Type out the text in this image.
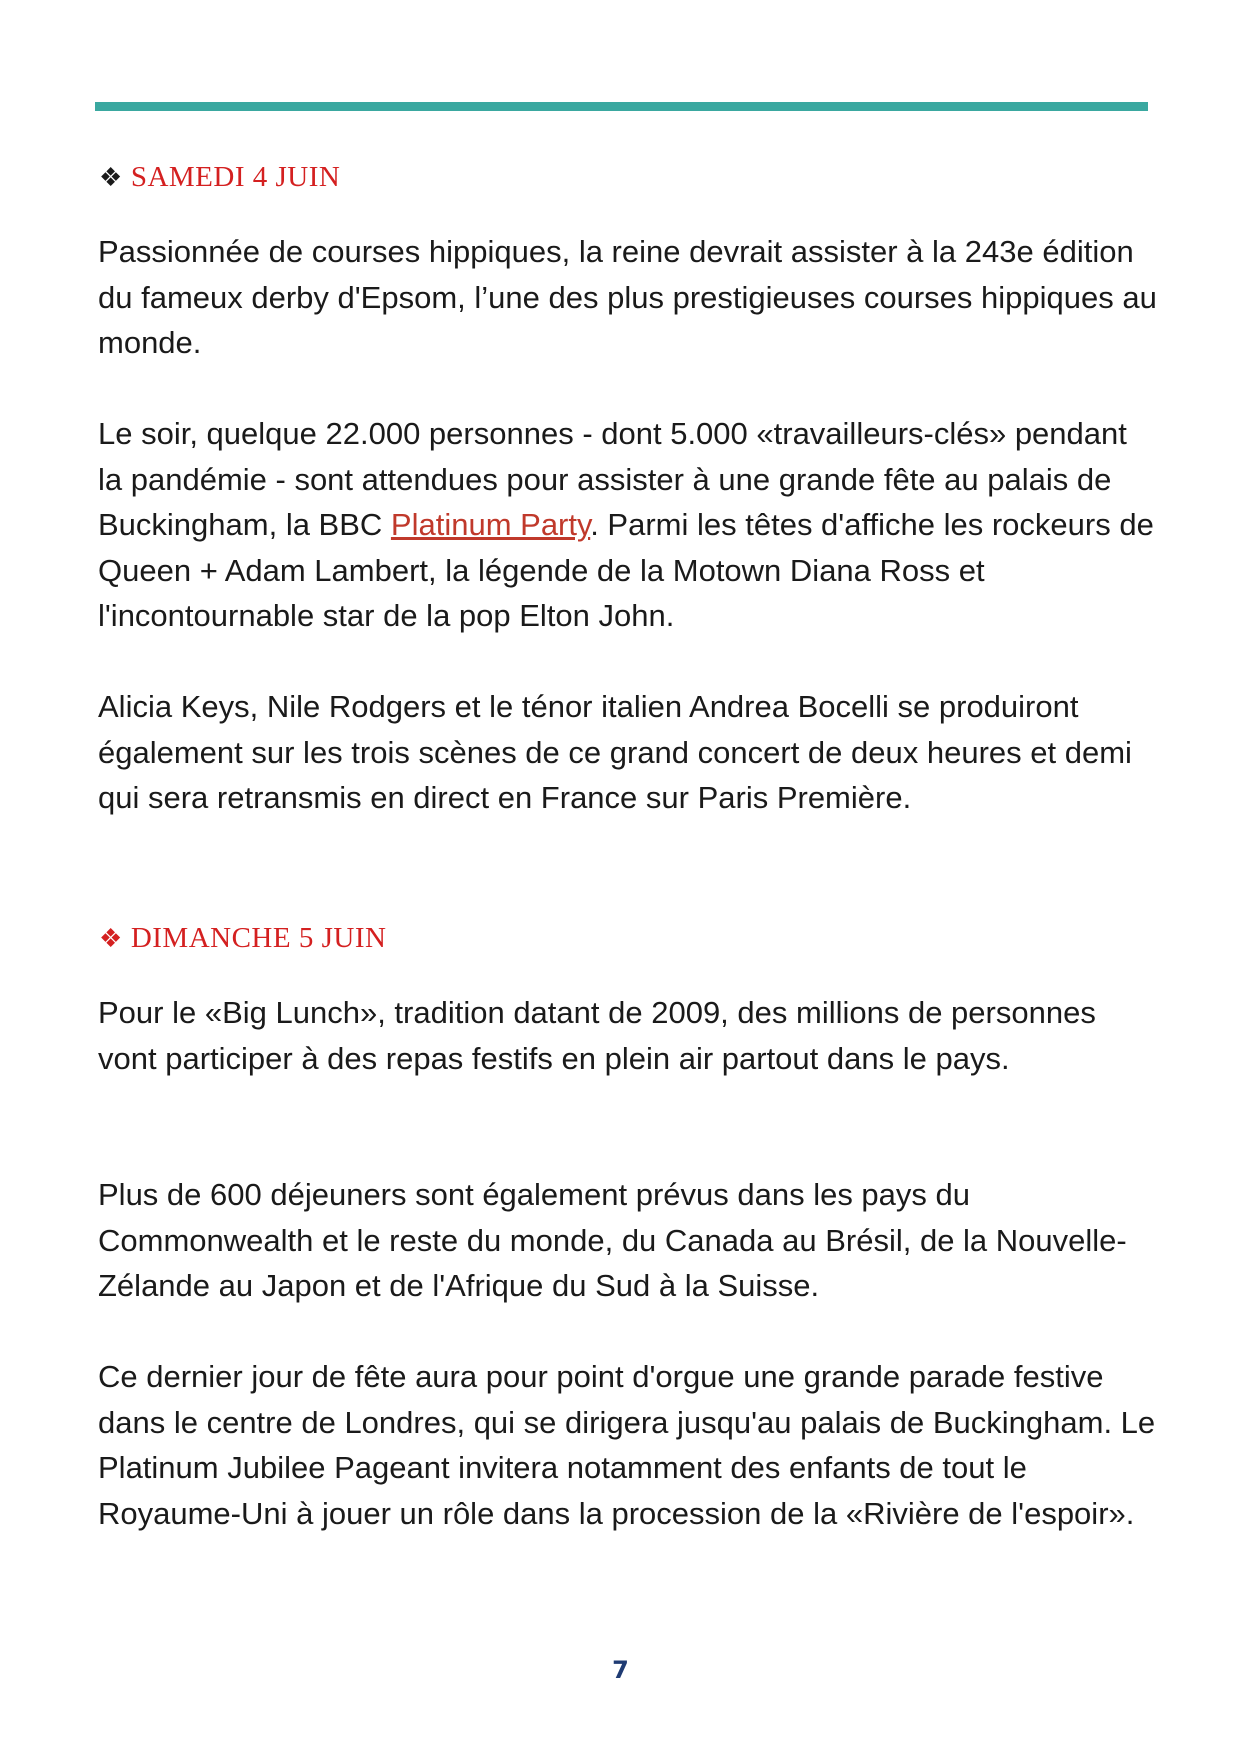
❖ SAMEDI 4 JUIN

Passionnée de courses hippiques, la reine devrait assister à la 243e édition du fameux derby d'Epsom, l’une des plus prestigieuses courses hippiques au monde.

Le soir, quelque 22.000 personnes - dont 5.000 «travailleurs-clés» pendant la pandémie - sont attendues pour assister à une grande fête au palais de Buckingham, la BBC Platinum Party. Parmi les têtes d'affiche les rockeurs de Queen + Adam Lambert, la légende de la Motown Diana Ross et l'incontournable star de la pop Elton John.

Alicia Keys, Nile Rodgers et le ténor italien Andrea Bocelli se produiront également sur les trois scènes de ce grand concert de deux heures et demi qui sera retransmis en direct en France sur Paris Première.

❖ DIMANCHE 5 JUIN

Pour le «Big Lunch», tradition datant de 2009, des millions de personnes vont participer à des repas festifs en plein air partout dans le pays.

Plus de 600 déjeuners sont également prévus dans les pays du Commonwealth et le reste du monde, du Canada au Brésil, de la Nouvelle-Zélande au Japon et de l'Afrique du Sud à la Suisse.

Ce dernier jour de fête aura pour point d'orgue une grande parade festive dans le centre de Londres, qui se dirigera jusqu'au palais de Buckingham. Le Platinum Jubilee Pageant invitera notamment des enfants de tout le Royaume-Uni à jouer un rôle dans la procession de la «Rivière de l'espoir».

7
